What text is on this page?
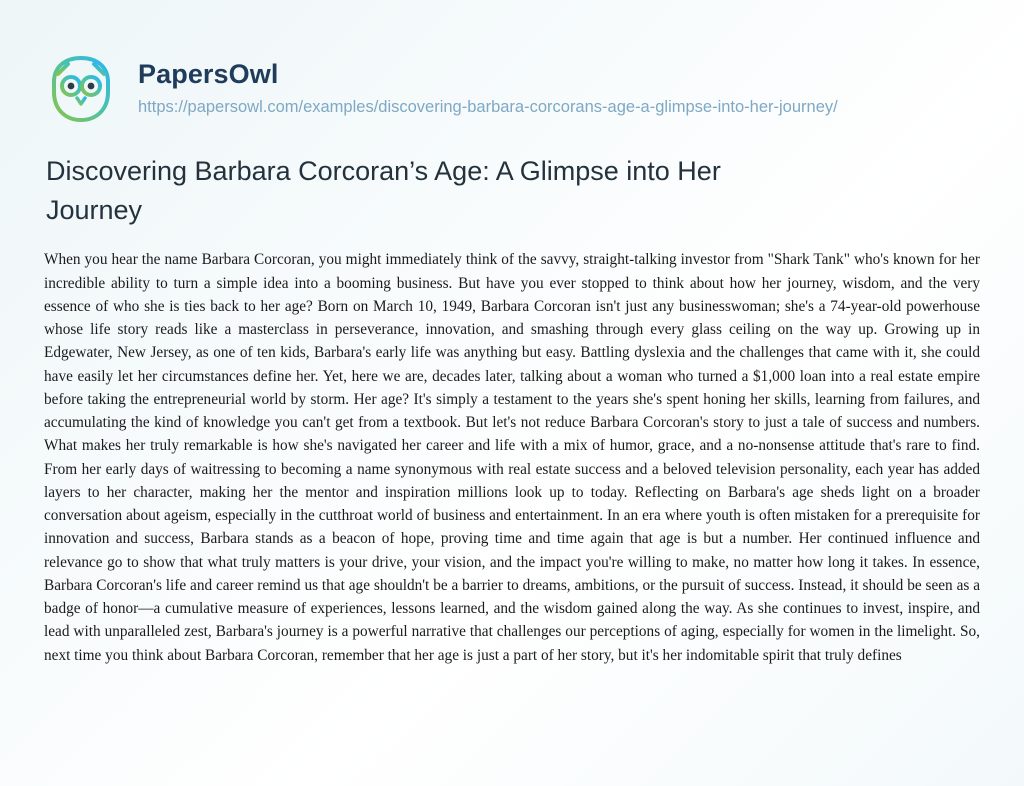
PapersOwl
https://papersowl.com/examples/discovering-barbara-corcorans-age-a-glimpse-into-her-journey/
Discovering Barbara Corcoran’s Age: A Glimpse into Her Journey

When you hear the name Barbara Corcoran, you might immediately think of the savvy, straight-talking investor from "Shark Tank" who's known for her incredible ability to turn a simple idea into a booming business. But have you ever stopped to think about how her journey, wisdom, and the very essence of who she is ties back to her age? Born on March 10, 1949, Barbara Corcoran isn't just any businesswoman; she's a 74-year-old powerhouse whose life story reads like a masterclass in perseverance, innovation, and smashing through every glass ceiling on the way up. Growing up in Edgewater, New Jersey, as one of ten kids, Barbara's early life was anything but easy. Battling dyslexia and the challenges that came with it, she could have easily let her circumstances define her. Yet, here we are, decades later, talking about a woman who turned a $1,000 loan into a real estate empire before taking the entrepreneurial world by storm. Her age? It's simply a testament to the years she's spent honing her skills, learning from failures, and accumulating the kind of knowledge you can't get from a textbook. But let's not reduce Barbara Corcoran's story to just a tale of success and numbers. What makes her truly remarkable is how she's navigated her career and life with a mix of humor, grace, and a no-nonsense attitude that's rare to find. From her early days of waitressing to becoming a name synonymous with real estate success and a beloved television personality, each year has added layers to her character, making her the mentor and inspiration millions look up to today. Reflecting on Barbara's age sheds light on a broader conversation about ageism, especially in the cutthroat world of business and entertainment. In an era where youth is often mistaken for a prerequisite for innovation and success, Barbara stands as a beacon of hope, proving time and time again that age is but a number. Her continued influence and relevance go to show that what truly matters is your drive, your vision, and the impact you're willing to make, no matter how long it takes. In essence, Barbara Corcoran's life and career remind us that age shouldn't be a barrier to dreams, ambitions, or the pursuit of success. Instead, it should be seen as a badge of honor—a cumulative measure of experiences, lessons learned, and the wisdom gained along the way. As she continues to invest, inspire, and lead with unparalleled zest, Barbara's journey is a powerful narrative that challenges our perceptions of aging, especially for women in the limelight. So, next time you think about Barbara Corcoran, remember that her age is just a part of her story, but it's her indomitable spirit that truly defines
